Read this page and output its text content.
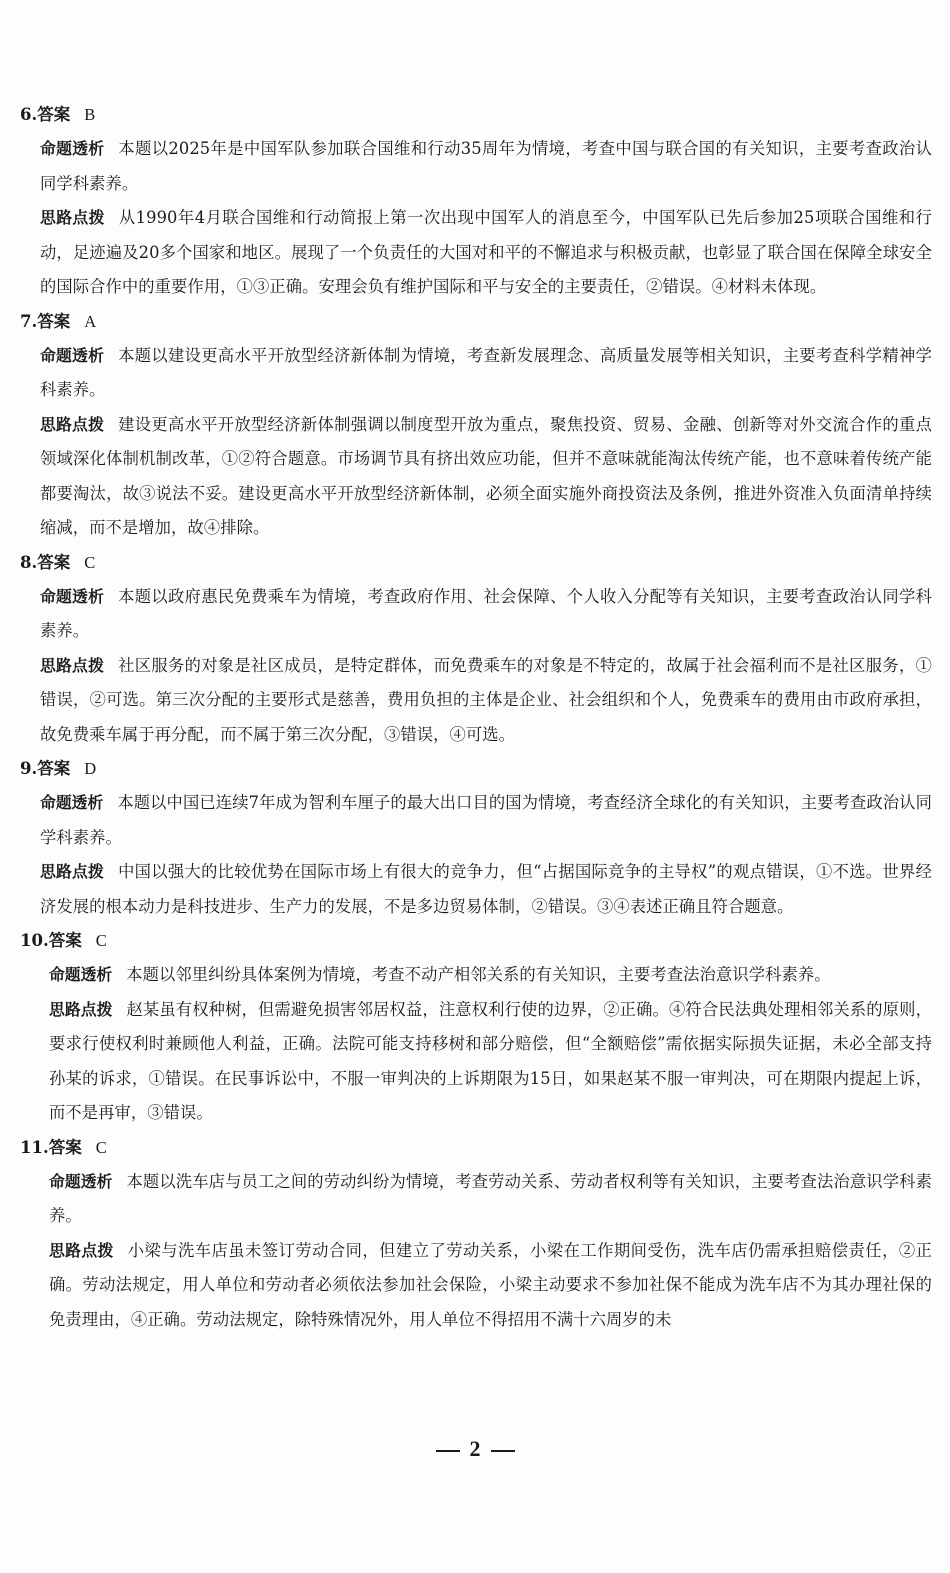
6.答案 B

命题透析 本题以2025年是中国军队参加联合国维和行动35周年为情境，考查中国与联合国的有关知识，主要考查政治认同学科素养。

思路点拨 从1990年4月联合国维和行动简报上第一次出现中国军人的消息至今，中国军队已先后参加25项联合国维和行动，足迹遍及20多个国家和地区。展现了一个负责任的大国对和平的不懈追求与积极贡献，也彰显了联合国在保障全球安全的国际合作中的重要作用，①③正确。安理会负有维护国际和平与安全的主要责任，②错误。④材料未体现。

7.答案 A

命题透析 本题以建设更高水平开放型经济新体制为情境，考查新发展理念、高质量发展等相关知识，主要考查科学精神学科素养。

思路点拨 建设更高水平开放型经济新体制强调以制度型开放为重点，聚焦投资、贸易、金融、创新等对外交流合作的重点领域深化体制机制改革，①②符合题意。市场调节具有挤出效应功能，但并不意味就能淘汰传统产能，也不意味着传统产能都要淘汰，故③说法不妥。建设更高水平开放型经济新体制，必须全面实施外商投资法及条例，推进外资准入负面清单持续缩减，而不是增加，故④排除。

8.答案 C

命题透析 本题以政府惠民免费乘车为情境，考查政府作用、社会保障、个人收入分配等有关知识，主要考查政治认同学科素养。

思路点拨 社区服务的对象是社区成员，是特定群体，而免费乘车的对象是不特定的，故属于社会福利而不是社区服务，①错误，②可选。第三次分配的主要形式是慈善，费用负担的主体是企业、社会组织和个人，免费乘车的费用由市政府承担，故免费乘车属于再分配，而不属于第三次分配，③错误，④可选。

9.答案 D

命题透析 本题以中国已连续7年成为智利车厘子的最大出口目的国为情境，考查经济全球化的有关知识，主要考查政治认同学科素养。

思路点拨 中国以强大的比较优势在国际市场上有很大的竞争力，但“占据国际竞争的主导权”的观点错误，①不选。世界经济发展的根本动力是科技进步、生产力的发展，不是多边贸易体制，②错误。③④表述正确且符合题意。

10.答案 C

命题透析 本题以邻里纠纷具体案例为情境，考查不动产相邻关系的有关知识，主要考查法治意识学科素养。

思路点拨 赵某虽有权种树，但需避免损害邻居权益，注意权利行使的边界，②正确。④符合民法典处理相邻关系的原则，要求行使权利时兼顾他人利益，正确。法院可能支持移树和部分赔偿，但“全额赔偿”需依据实际损失证据，未必全部支持孙某的诉求，①错误。在民事诉讼中，不服一审判决的上诉期限为15日，如果赵某不服一审判决，可在期限内提起上诉，而不是再审，③错误。

11.答案 C

命题透析 本题以洗车店与员工之间的劳动纠纷为情境，考查劳动关系、劳动者权利等有关知识，主要考查法治意识学科素养。

思路点拨 小梁与洗车店虽未签订劳动合同，但建立了劳动关系，小梁在工作期间受伤，洗车店仍需承担赔偿责任，②正确。劳动法规定，用人单位和劳动者必须依法参加社会保险，小梁主动要求不参加社保不能成为洗车店不为其办理社保的免责理由，④正确。劳动法规定，除特殊情况外，用人单位不得招用不满十六周岁的未

2
